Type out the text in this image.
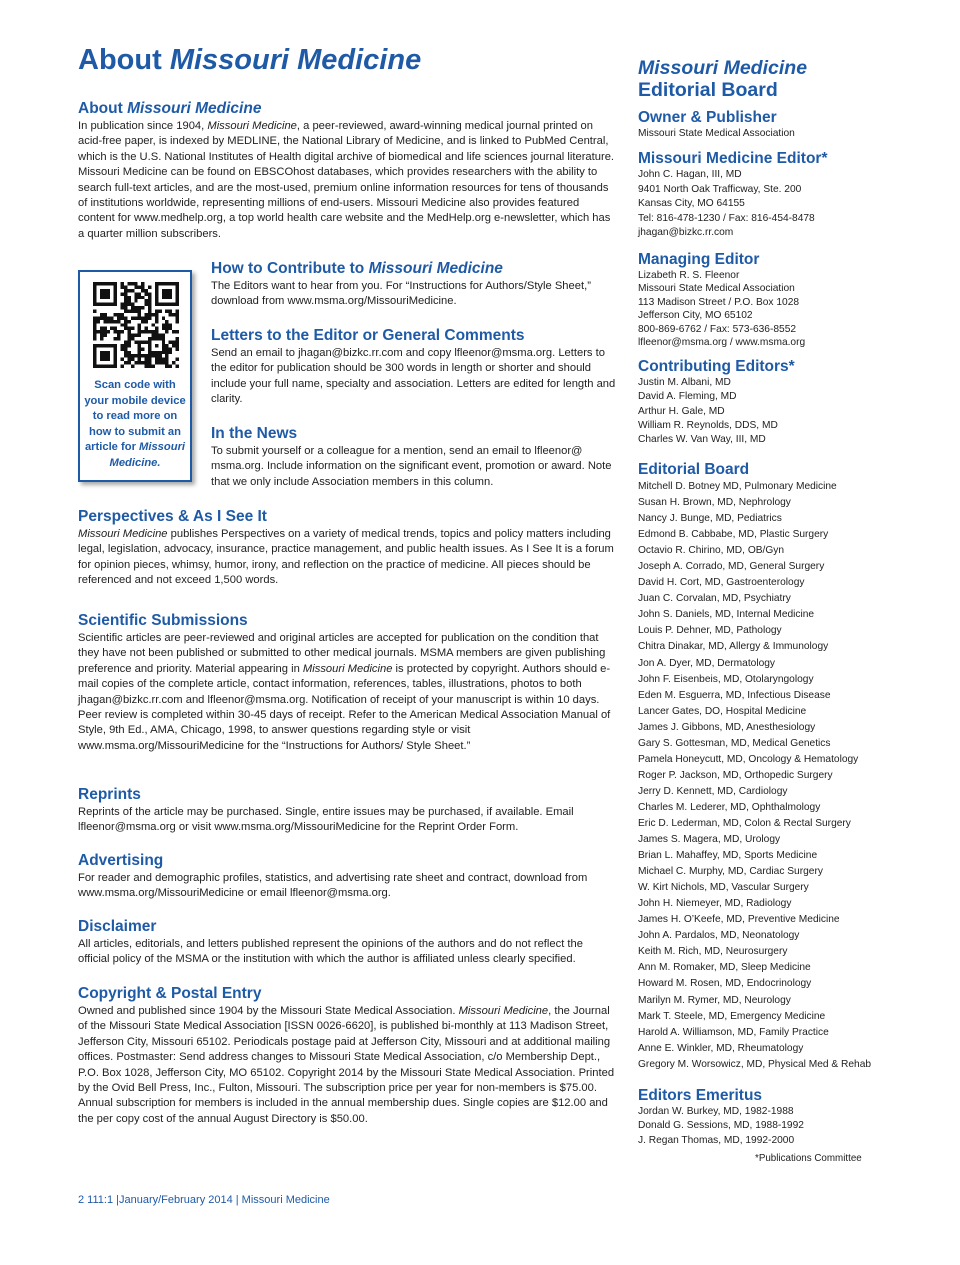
About Missouri Medicine
About Missouri Medicine

In publication since 1904, Missouri Medicine, a peer-reviewed, award-winning medical journal printed on acid-free paper, is indexed by MEDLINE, the National Library of Medicine, and is linked to PubMed Central, which is the U.S. National Institutes of Health digital archive of biomedical and life sciences journal literature. Missouri Medicine can be found on EBSCOhost databases, which provides researchers with the ability to search full-text articles, and are the most-used, premium online information resources for tens of thousands of institutions worldwide, representing millions of end-users. Missouri Medicine also provides featured content for www.medhelp.org, a top world health care website and the MedHelp.org e-newsletter, which has a quarter million subscribers.

Scan code with your mobile device to read more on how to submit an article for Missouri Medicine.
How to Contribute to Missouri Medicine

The Editors want to hear from you. For “Instructions for Authors/Style Sheet,” download from www.msma.org/MissouriMedicine.

Letters to the Editor or General Comments

Send an email to jhagan@bizkc.rr.com and copy lfleenor@msma.org. Letters to the editor for publication should be 300 words in length or shorter and should include your full name, specialty and association. Letters are edited for length and clarity.

In the News

To submit yourself or a colleague for a mention, send an email to lfleenor@ msma.org. Include information on the significant event, promotion or award. Note that we only include Association members in this column.

Perspectives & As I See It

Missouri Medicine publishes Perspectives on a variety of medical trends, topics and policy matters including legal, legislation, advocacy, insurance, practice management, and public health issues. As I See It is a forum for opinion pieces, whimsy, humor, irony, and reflection on the practice of medicine. All pieces should be referenced and not exceed 1,500 words.

Scientific Submissions

Scientific articles are peer-reviewed and original articles are accepted for publication on the condition that they have not been published or submitted to other medical journals. MSMA members are given publishing preference and priority. Material appearing in Missouri Medicine is protected by copyright. Authors should e-mail copies of the complete article, contact information, references, tables, illustrations, photos to both jhagan@bizkc.rr.com and lfleenor@msma.org. Notification of receipt of your manuscript is within 10 days. Peer review is completed within 30-45 days of receipt. Refer to the American Medical Association Manual of Style, 9th Ed., AMA, Chicago, 1998, to answer questions regarding style or visit www.msma.org/MissouriMedicine for the “Instructions for Authors/ Style Sheet.”

Reprints

Reprints of the article may be purchased. Single, entire issues may be purchased, if available. Email lfleenor@msma.org or visit www.msma.org/MissouriMedicine for the Reprint Order Form.

Advertising

For reader and demographic profiles, statistics, and advertising rate sheet and contract, download from www.msma.org/MissouriMedicine or email lfleenor@msma.org.

Disclaimer

All articles, editorials, and letters published represent the opinions of the authors and do not reflect the official policy of the MSMA or the institution with which the author is affiliated unless clearly specified.

Copyright & Postal Entry

Owned and published since 1904 by the Missouri State Medical Association. Missouri Medicine, the Journal of the Missouri State Medical Association [ISSN 0026-6620], is published bi-monthly at 113 Madison Street, Jefferson City, Missouri 65102. Periodicals postage paid at Jefferson City, Missouri and at additional mailing offices. Postmaster: Send address changes to Missouri State Medical Association, c/o Membership Dept., P.O. Box 1028, Jefferson City, MO 65102. Copyright 2014 by the Missouri State Medical Association. Printed by the Ovid Bell Press, Inc., Fulton, Missouri. The subscription price per year for non-members is $75.00. Annual subscription for members is included in the annual membership dues. Single copies are $12.00 and the per copy cost of the annual August Directory is $50.00.

Missouri Medicine
Editorial Board
Owner & Publisher
Missouri State Medical Association
Missouri Medicine Editor*
John C. Hagan, III, MD
9401 North Oak Trafficway, Ste. 200
Kansas City, MO 64155
Tel: 816-478-1230 / Fax: 816-454-8478
jhagan@bizkc.rr.com
Managing Editor
Lizabeth R. S. Fleenor
Missouri State Medical Association
113 Madison Street / P.O. Box 1028
Jefferson City, MO 65102
800-869-6762 / Fax: 573-636-8552
lfleenor@msma.org / www.msma.org
Contributing Editors*
Justin M. Albani, MD
David A. Fleming, MD
Arthur H. Gale, MD
William R. Reynolds, DDS, MD
Charles W. Van Way, III, MD
Editorial Board
Mitchell D. Botney MD, Pulmonary Medicine
Susan H. Brown, MD, Nephrology
Nancy J. Bunge, MD, Pediatrics
Edmond B. Cabbabe, MD, Plastic Surgery
Octavio R. Chirino, MD, OB/Gyn
Joseph A. Corrado, MD, General Surgery
David H. Cort, MD, Gastroenterology
Juan C. Corvalan, MD, Psychiatry
John S. Daniels, MD, Internal Medicine
Louis P. Dehner, MD, Pathology
Chitra Dinakar, MD, Allergy & Immunology
Jon A. Dyer, MD, Dermatology
John F. Eisenbeis, MD, Otolaryngology
Eden M. Esguerra, MD, Infectious Disease
Lancer Gates, DO, Hospital Medicine
James J. Gibbons, MD, Anesthesiology
Gary S. Gottesman, MD, Medical Genetics
Pamela Honeycutt, MD, Oncology & Hematology
Roger P. Jackson, MD, Orthopedic Surgery
Jerry D. Kennett, MD, Cardiology
Charles M. Lederer, MD, Ophthalmology
Eric D. Lederman, MD, Colon & Rectal Surgery
James S. Magera, MD, Urology
Brian L. Mahaffey, MD, Sports Medicine
Michael C. Murphy, MD, Cardiac Surgery
W. Kirt Nichols, MD, Vascular Surgery
John H. Niemeyer, MD, Radiology
James H. O’Keefe, MD, Preventive Medicine
John A. Pardalos, MD, Neonatology
Keith M. Rich, MD, Neurosurgery
Ann M. Romaker, MD, Sleep Medicine
Howard M. Rosen, MD, Endocrinology
Marilyn M. Rymer, MD, Neurology
Mark T. Steele, MD, Emergency Medicine
Harold A. Williamson, MD, Family Practice
Anne E. Winkler, MD, Rheumatology
Gregory M. Worsowicz, MD, Physical Med & Rehab
Editors Emeritus
Jordan W. Burkey, MD, 1982-1988
Donald G. Sessions, MD, 1988-1992
J. Regan Thomas, MD, 1992-2000
*Publications Committee
2 111:1 |January/February 2014 | Missouri Medicine
